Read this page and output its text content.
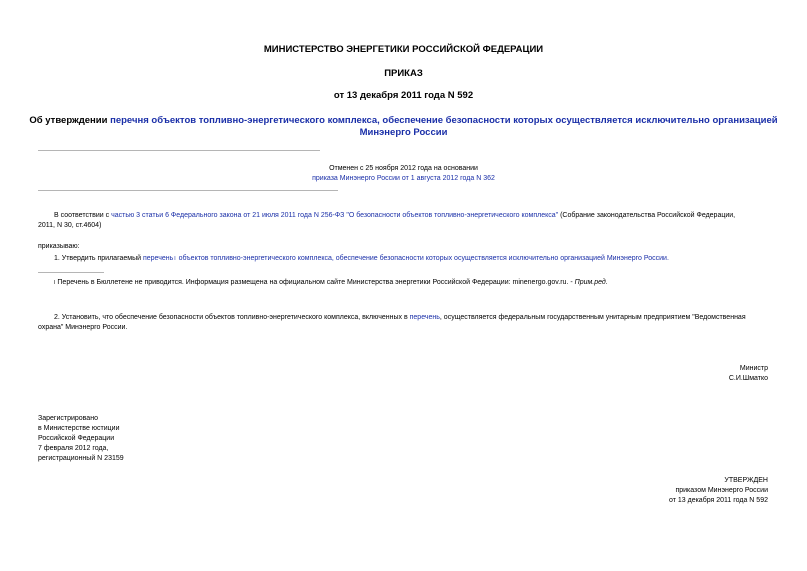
МИНИСТЕРСТВО ЭНЕРГЕТИКИ РОССИЙСКОЙ ФЕДЕРАЦИИ
ПРИКАЗ
от 13 декабря 2011 года N 592
Об утверждении перечня объектов топливно-энергетического комплекса, обеспечение безопасности которых осуществляется исключительно организацией
Минэнерго России
Отменен с 25 ноября 2012 года на основании
приказа Минэнерго России от 1 августа 2012 года N 362
В соответствии с частью 3 статьи 6 Федерального закона от 21 июля 2011 года N 256-ФЗ "О безопасности объектов топливно-энергетического комплекса" (Собрание законодательства Российской Федерации,
2011, N 30, ст.4604)
приказываю:
1. Утвердить прилагаемый перечень$^I$ объектов топливно-энергетического комплекса, обеспечение безопасности которых осуществляется исключительно организацией Минэнерго России.
$^I$ Перечень в Бюллетене не приводится. Информация размещена на официальном сайте Министерства энергетики Российской Федерации: minenergo.gov.ru. - Прим.ред.
2. Установить, что обеспечение безопасности объектов топливно-энергетического комплекса, включенных в перечень, осуществляется федеральным государственным унитарным предприятием "Ведомственная
охрана" Минэнерго России.
Министр
С.И.Шматко
Зарегистрировано
в Министерстве юстиции
Российской Федерации
7 февраля 2012 года,
регистрационный N 23159
УТВЕРЖДЕН
приказом Минэнерго России
от 13 декабря 2011 года N 592
